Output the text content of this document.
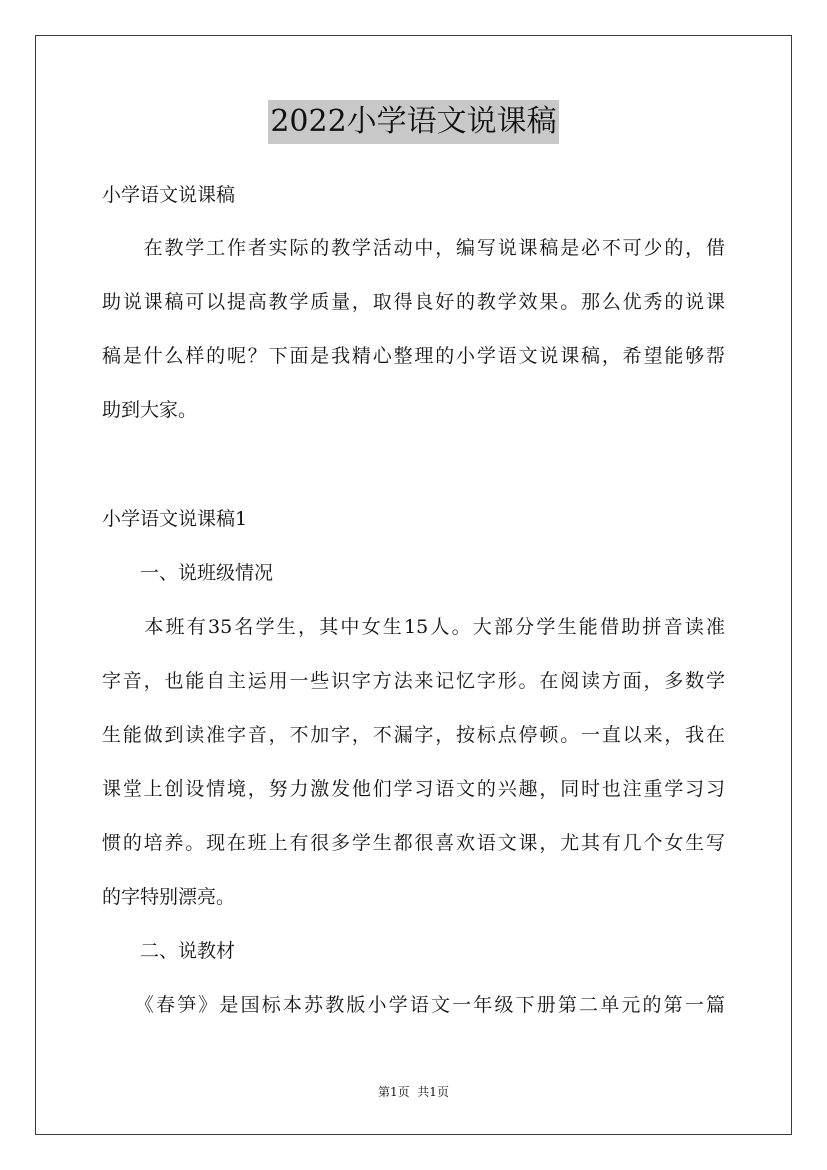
2022小学语文说课稿
小学语文说课稿
　　在教学工作者实际的教学活动中，编写说课稿是必不可少的，借
助说课稿可以提高教学质量，取得良好的教学效果。那么优秀的说课
稿是什么样的呢？下面是我精心整理的小学语文说课稿，希望能够帮
助到大家。
小学语文说课稿1
　　一、说班级情况
　　本班有35名学生，其中女生15人。大部分学生能借助拼音读准
字音，也能自主运用一些识字方法来记忆字形。在阅读方面，多数学
生能做到读准字音，不加字，不漏字，按标点停顿。一直以来，我在
课堂上创设情境，努力激发他们学习语文的兴趣，同时也注重学习习
惯的培养。现在班上有很多学生都很喜欢语文课，尤其有几个女生写
的字特别漂亮。
　　二、说教材
　　《春笋》是国标本苏教版小学语文一年级下册第二单元的第一篇
第1页  共1页
